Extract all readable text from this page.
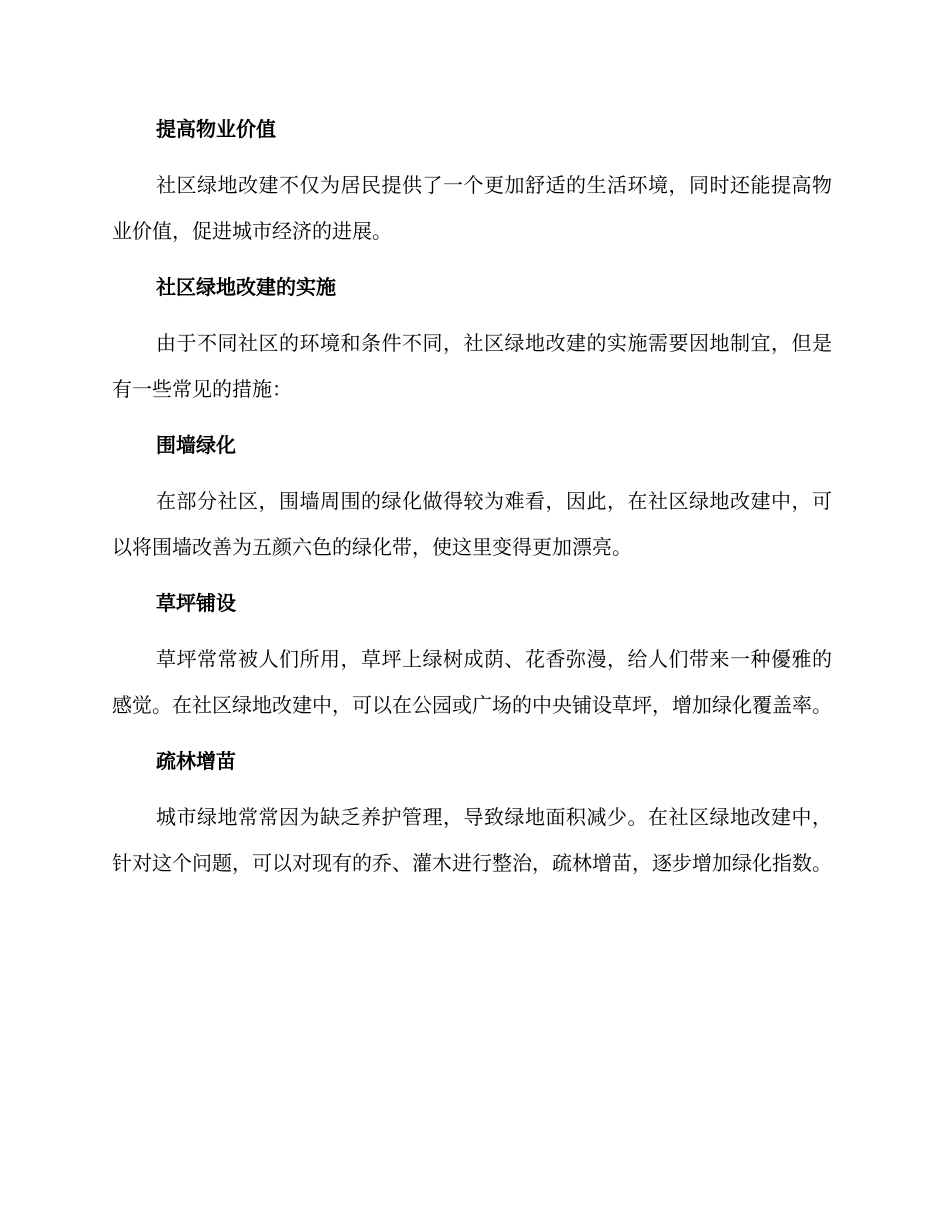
提高物业价值

社区绿地改建不仅为居民提供了一个更加舒适的生活环境，同时还能提高物业价值，促进城市经济的进展。

社区绿地改建的实施

由于不同社区的环境和条件不同，社区绿地改建的实施需要因地制宜，但是有一些常见的措施：

围墙绿化

在部分社区，围墙周围的绿化做得较为难看，因此，在社区绿地改建中，可以将围墙改善为五颜六色的绿化带，使这里变得更加漂亮。

草坪铺设

草坪常常被人们所用，草坪上绿树成荫、花香弥漫，给人们带来一种優雅的感觉。在社区绿地改建中，可以在公园或广场的中央铺设草坪，增加绿化覆盖率。

疏林增苗

城市绿地常常因为缺乏养护管理，导致绿地面积减少。在社区绿地改建中，针对这个问题，可以对现有的乔、灌木进行整治，疏林增苗，逐步增加绿化指数。
